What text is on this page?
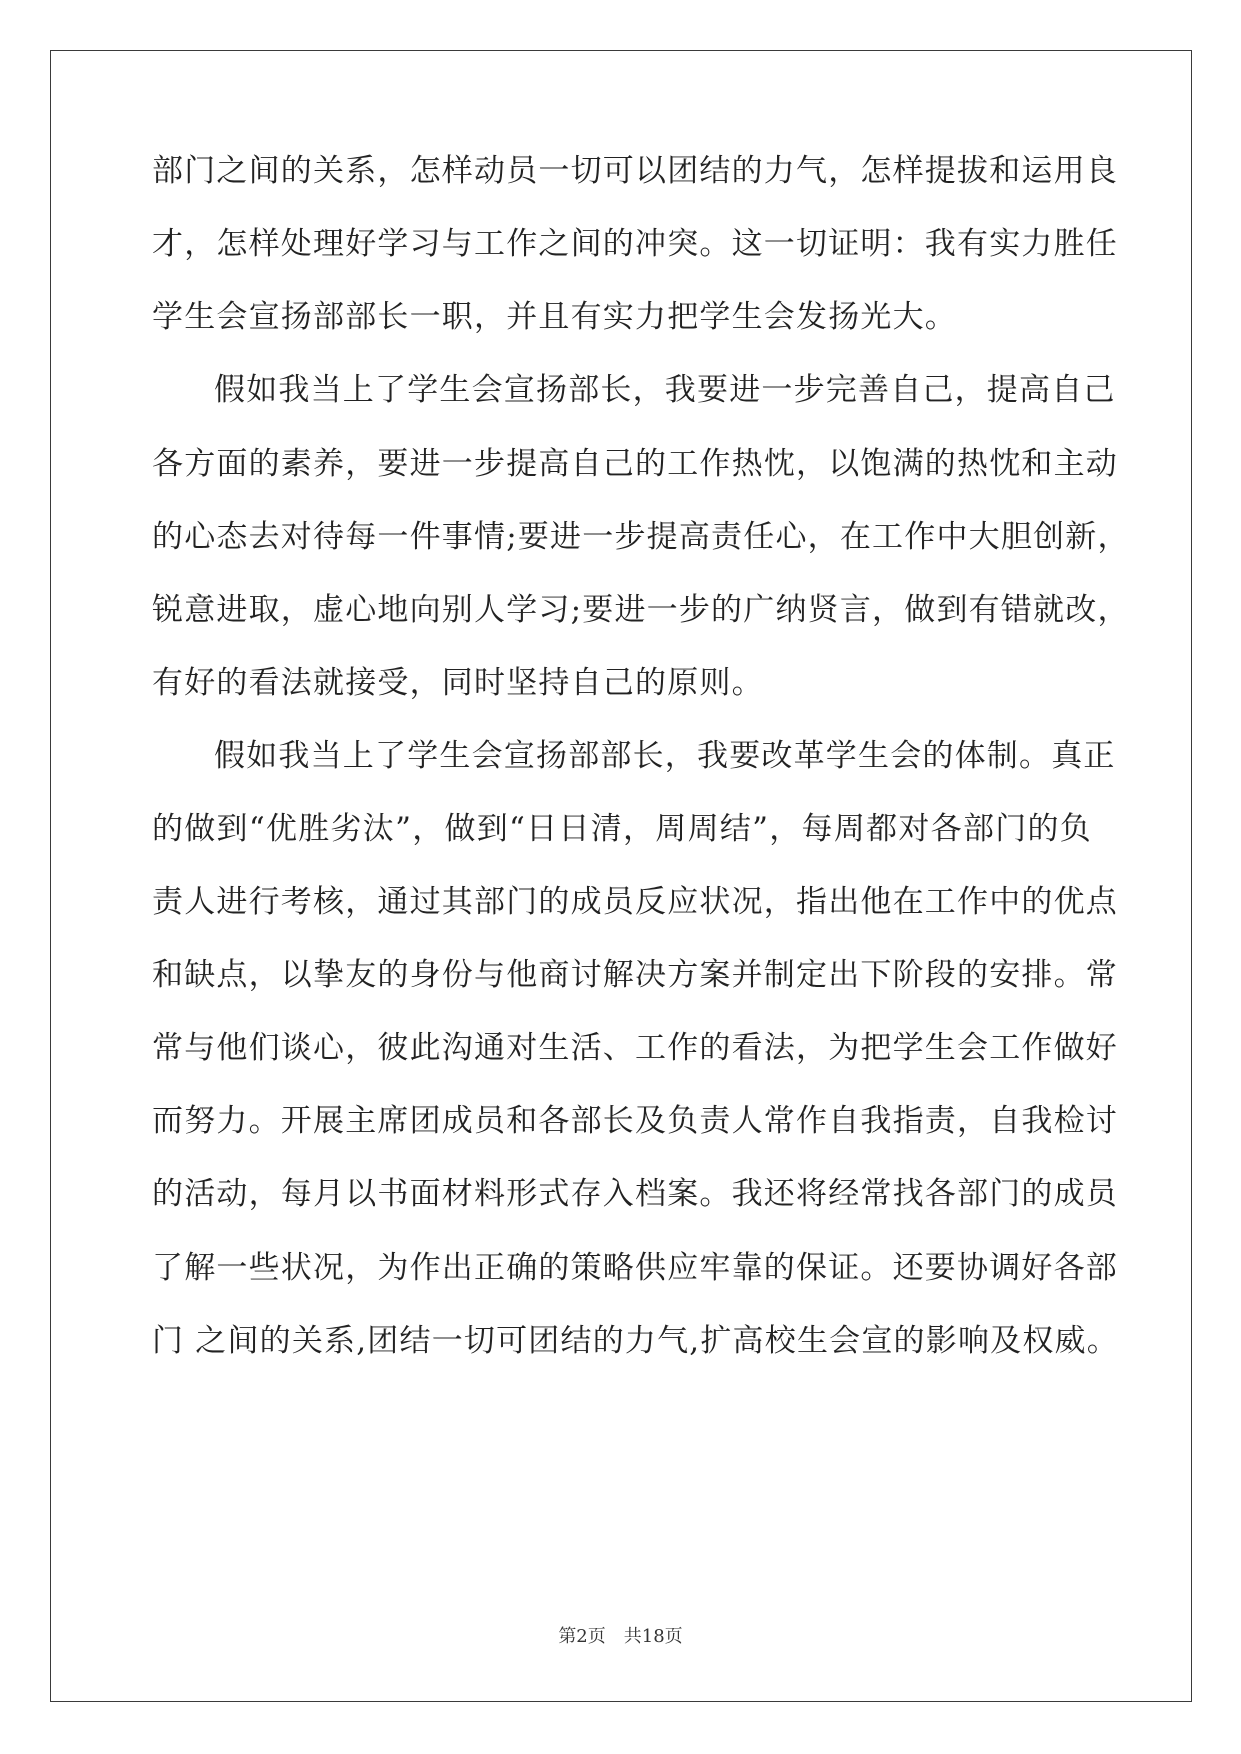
部门之间的关系，怎样动员一切可以团结的力气，怎样提拔和运用良
才，怎样处理好学习与工作之间的冲突。这一切证明：我有实力胜任
学生会宣扬部部长一职，并且有实力把学生会发扬光大。
假如我当上了学生会宣扬部长，我要进一步完善自己，提高自己
各方面的素养，要进一步提高自己的工作热忱，以饱满的热忱和主动
的心态去对待每一件事情;要进一步提高责任心，在工作中大胆创新，
锐意进取，虚心地向别人学习;要进一步的广纳贤言，做到有错就改，
有好的看法就接受，同时坚持自己的原则。
假如我当上了学生会宣扬部部长，我要改革学生会的体制。真正
的做到“优胜劣汰”，做到“日日清，周周结”，每周都对各部门的负
责人进行考核，通过其部门的成员反应状况，指出他在工作中的优点
和缺点，以挚友的身份与他商讨解决方案并制定出下阶段的安排。常
常与他们谈心，彼此沟通对生活、工作的看法，为把学生会工作做好
而努力。开展主席团成员和各部长及负责人常作自我指责，自我检讨
的活动，每月以书面材料形式存入档案。我还将经常找各部门的成员
了解一些状况，为作出正确的策略供应牢靠的保证。还要协调好各部
门 之间的关系,团结一切可团结的力气,扩高校生会宣的影响及权威。
第2页　共18页
